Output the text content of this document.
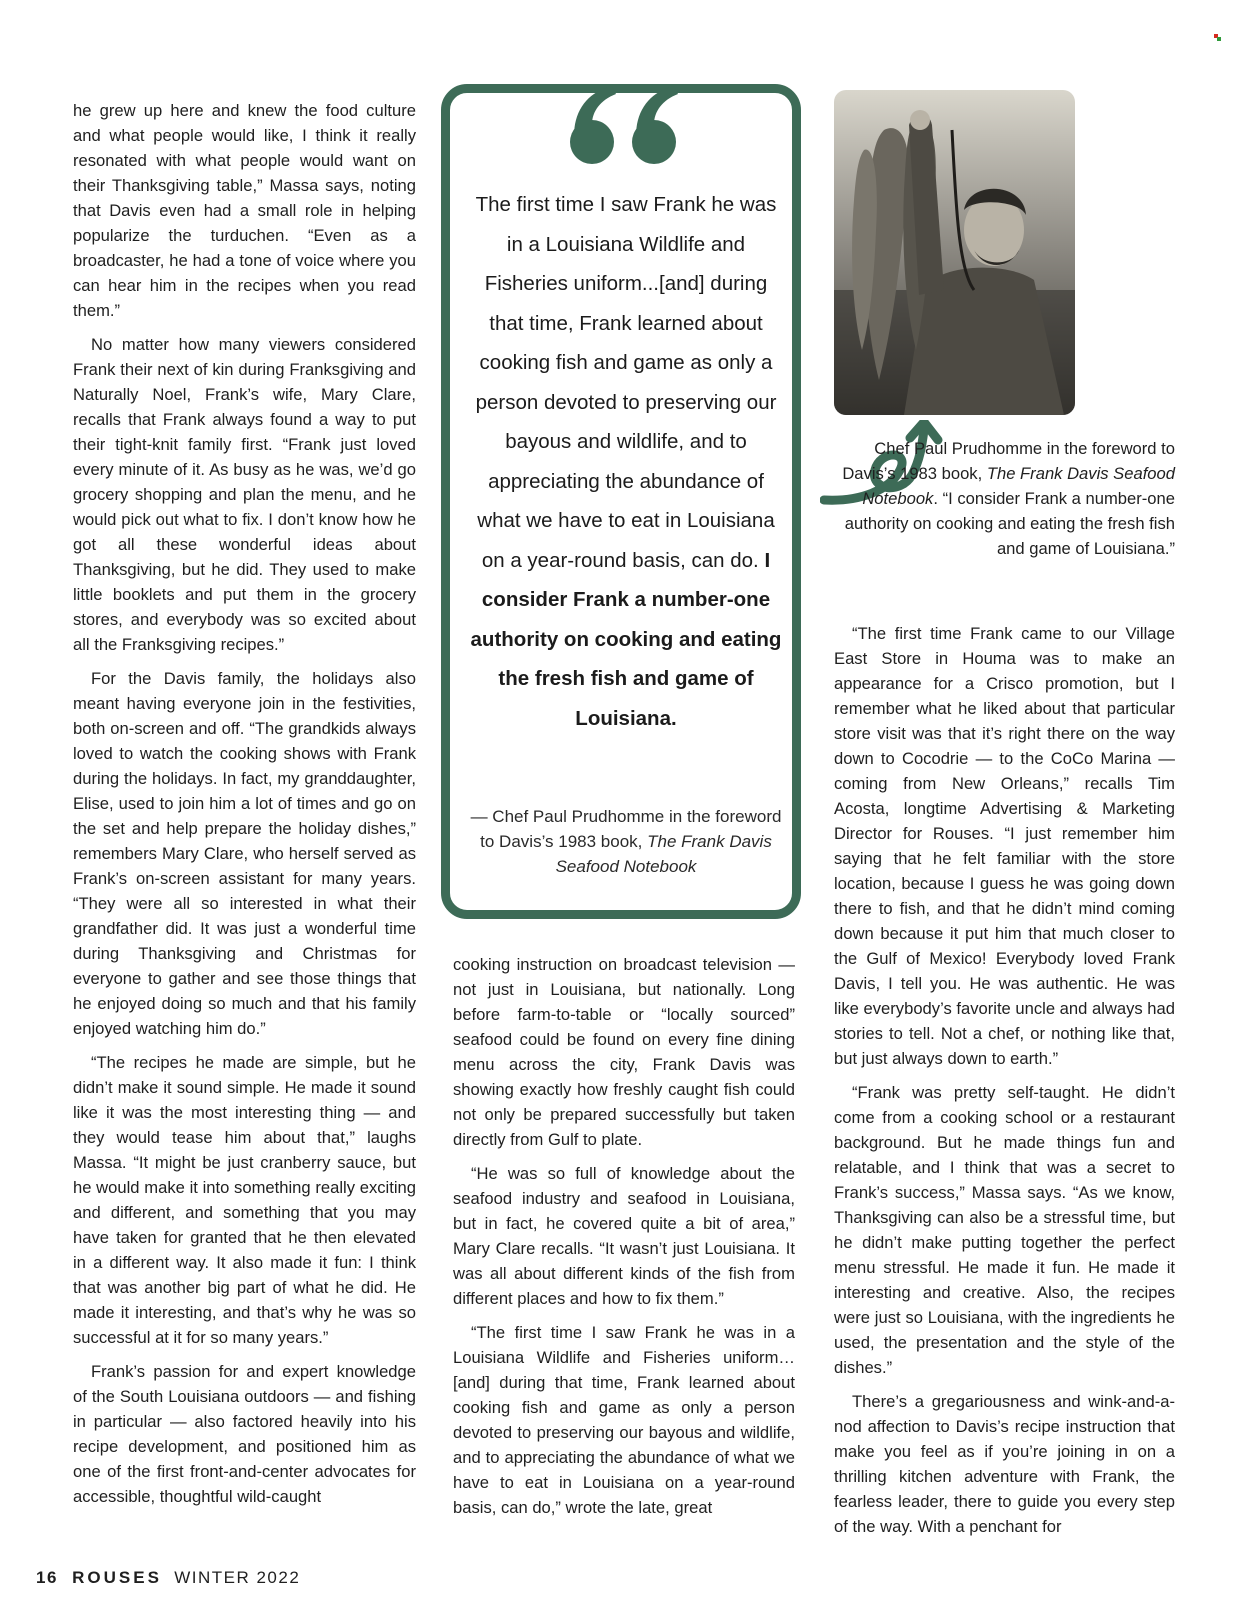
he grew up here and knew the food culture and what people would like, I think it really resonated with what people would want on their Thanksgiving table,” Massa says, noting that Davis even had a small role in helping popularize the turduchen. “Even as a broadcaster, he had a tone of voice where you can hear him in the recipes when you read them.”

No matter how many viewers considered Frank their next of kin during Franksgiving and Naturally Noel, Frank’s wife, Mary Clare, recalls that Frank always found a way to put their tight-knit family first. “Frank just loved every minute of it. As busy as he was, we’d go grocery shopping and plan the menu, and he would pick out what to fix. I don’t know how he got all these wonderful ideas about Thanksgiving, but he did. They used to make little booklets and put them in the grocery stores, and everybody was so excited about all the Franksgiving recipes.”

For the Davis family, the holidays also meant having everyone join in the festivities, both on-screen and off. “The grandkids always loved to watch the cooking shows with Frank during the holidays. In fact, my granddaughter, Elise, used to join him a lot of times and go on the set and help prepare the holiday dishes,” remembers Mary Clare, who herself served as Frank’s on-screen assistant for many years. “They were all so interested in what their grandfather did. It was just a wonderful time during Thanksgiving and Christmas for everyone to gather and see those things that he enjoyed doing so much and that his family enjoyed watching him do.”

“The recipes he made are simple, but he didn’t make it sound simple. He made it sound like it was the most interesting thing — and they would tease him about that,” laughs Massa. “It might be just cranberry sauce, but he would make it into something really exciting and different, and something that you may have taken for granted that he then elevated in a different way. It also made it fun: I think that was another big part of what he did. He made it interesting, and that’s why he was so successful at it for so many years.”

Frank’s passion for and expert knowledge of the South Louisiana outdoors — and fishing in particular — also factored heavily into his recipe development, and positioned him as one of the first front-and-center advocates for accessible, thoughtful wild-caught

The first time I saw Frank he was in a Louisiana Wildlife and Fisheries uniform...[and] during that time, Frank learned about cooking fish and game as only a person devoted to preserving our bayous and wildlife, and to appreciating the abundance of what we have to eat in Louisiana on a year-round basis, can do. I consider Frank a number-one authority on cooking and eating the fresh fish and game of Louisiana.
— Chef Paul Prudhomme in the foreword to Davis’s 1983 book, The Frank Davis Seafood Notebook

cooking instruction on broadcast television — not just in Louisiana, but nationally. Long before farm-to-table or “locally sourced” seafood could be found on every fine dining menu across the city, Frank Davis was showing exactly how freshly caught fish could not only be prepared successfully but taken directly from Gulf to plate.

“He was so full of knowledge about the seafood industry and seafood in Louisiana, but in fact, he covered quite a bit of area,” Mary Clare recalls. “It wasn’t just Louisiana. It was all about different kinds of the fish from different places and how to fix them.”

“The first time I saw Frank he was in a Louisiana Wildlife and Fisheries uniform… [and] during that time, Frank learned about cooking fish and game as only a person devoted to preserving our bayous and wildlife, and to appreciating the abundance of what we have to eat in Louisiana on a year-round basis, can do,” wrote the late, great

Chef Paul Prudhomme in the foreword to Davis’s 1983 book, The Frank Davis Seafood Notebook. “I consider Frank a number-one authority on cooking and eating the fresh fish and game of Louisiana.”

“The first time Frank came to our Village East Store in Houma was to make an appearance for a Crisco promotion, but I remember what he liked about that particular store visit was that it’s right there on the way down to Cocodrie — to the CoCo Marina — coming from New Orleans,” recalls Tim Acosta, longtime Advertising & Marketing Director for Rouses. “I just remember him saying that he felt familiar with the store location, because I guess he was going down there to fish, and that he didn’t mind coming down because it put him that much closer to the Gulf of Mexico! Everybody loved Frank Davis, I tell you. He was authentic. He was like everybody’s favorite uncle and always had stories to tell. Not a chef, or nothing like that, but just always down to earth.”

“Frank was pretty self-taught. He didn’t come from a cooking school or a restaurant background. But he made things fun and relatable, and I think that was a secret to Frank’s success,” Massa says. “As we know, Thanksgiving can also be a stressful time, but he didn’t make putting together the perfect menu stressful. He made it fun. He made it interesting and creative. Also, the recipes were just so Louisiana, with the ingredients he used, the presentation and the style of the dishes.”

There’s a gregariousness and wink-and-a-nod affection to Davis’s recipe instruction that make you feel as if you’re joining in on a thrilling kitchen adventure with Frank, the fearless leader, there to guide you every step of the way. With a penchant for

16 ROUSES WINTER 2022
